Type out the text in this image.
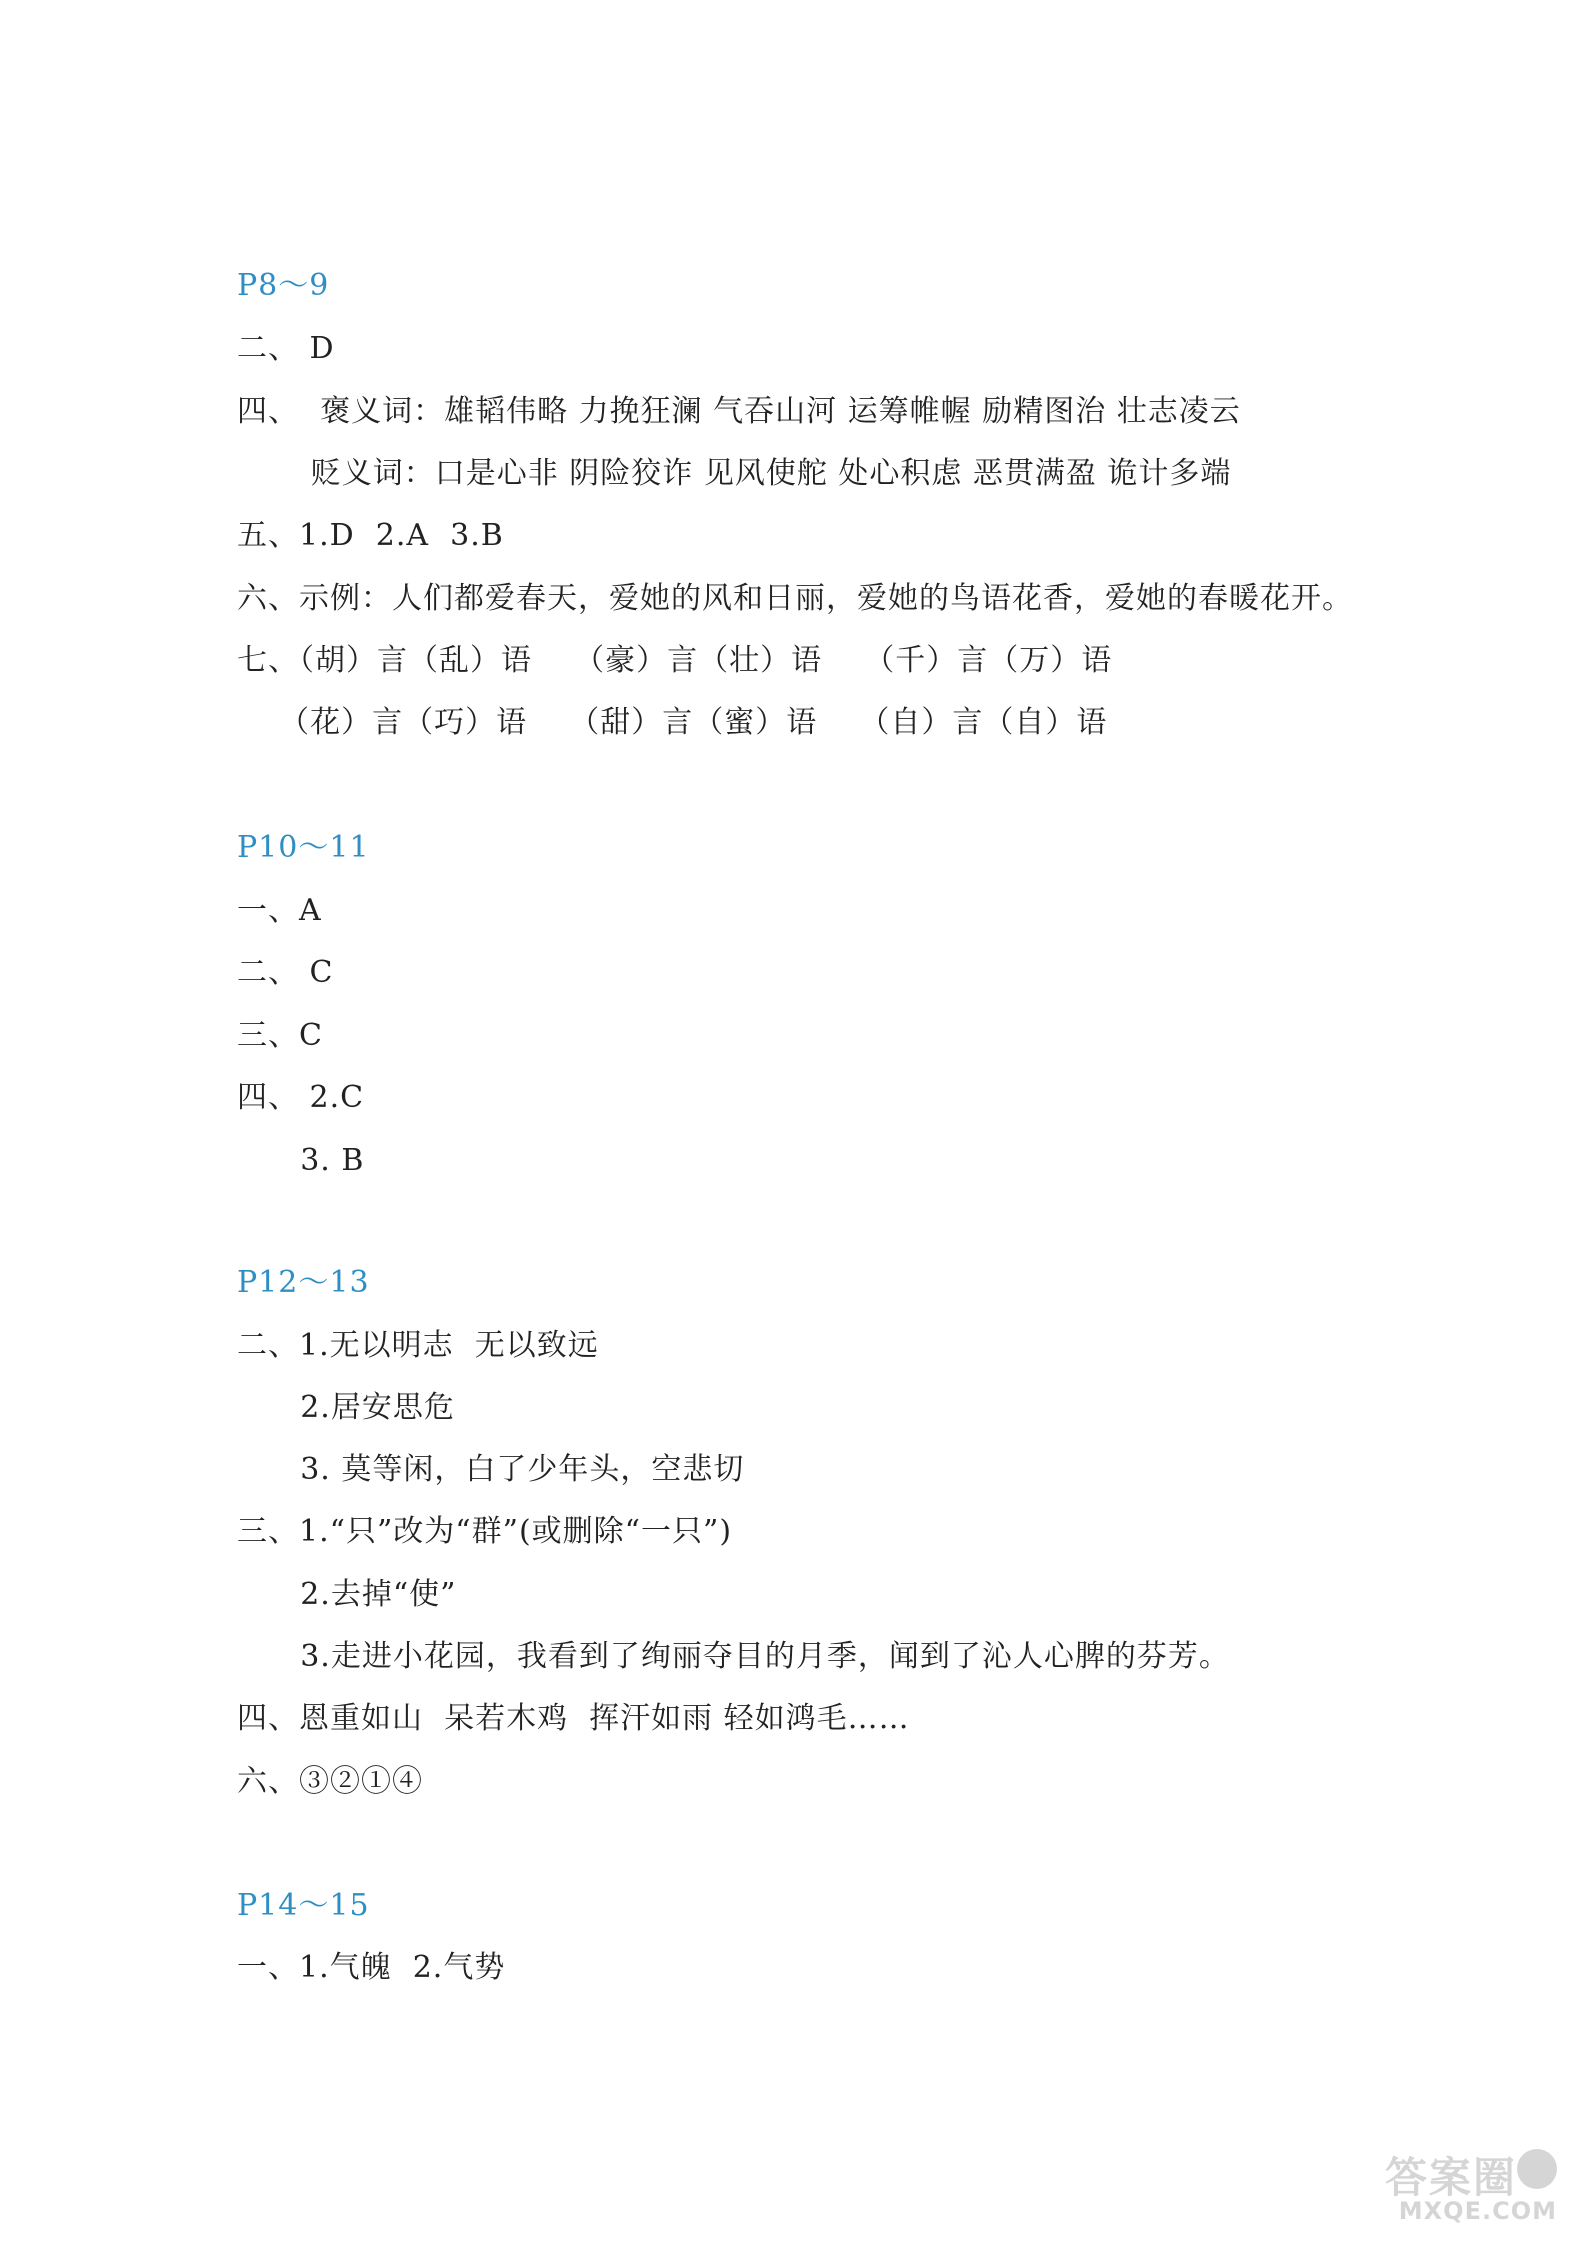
P8～9
二、 D
四、  褒义词：雄韬伟略 力挽狂澜 气吞山河 运筹帷幄 励精图治 壮志凌云
贬义词：口是心非 阴险狡诈 见风使舵 处心积虑 恶贯满盈 诡计多端
五、1.D  2.A  3.B
六、示例：人们都爱春天，爱她的风和日丽，爱她的鸟语花香，爱她的春暖花开。
七、（胡）言（乱）语    （豪）言（壮）语    （千）言（万）语
（花）言（巧）语    （甜）言（蜜）语    （自）言（自）语
P10～11
一、A
二、 C
三、C
四、 2.C
3. B
P12～13
二、1.无以明志  无以致远
2.居安思危
3. 莫等闲，白了少年头，空悲切
三、1.“只”改为“群”(或删除“一只”)
2.去掉“使”
3.走进小花园，我看到了绚丽夺目的月季，闻到了沁人心脾的芬芳。
四、恩重如山  呆若木鸡  挥汗如雨 轻如鸿毛……
六、③②①④
P14～15
一、1.气魄  2.气势
答案圈
MXQE.COM
